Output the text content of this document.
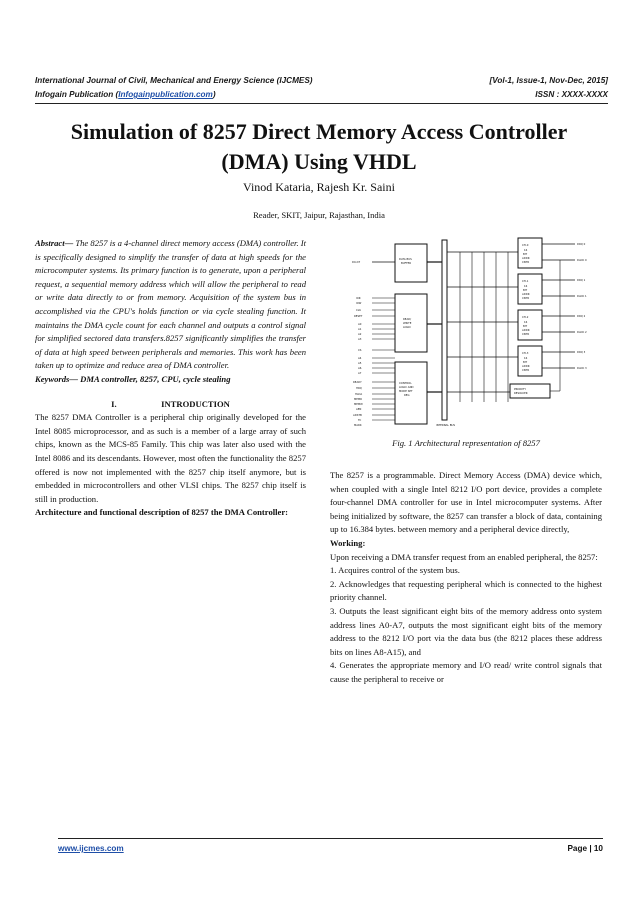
International Journal of Civil, Mechanical and Energy Science (IJCMES)	[Vol-1, Issue-1, Nov-Dec, 2015]
Infogain Publication (Infogainpublication.com)	ISSN : XXXX-XXXX
Simulation of 8257 Direct Memory Access Controller (DMA) Using VHDL
Vinod Kataria, Rajesh Kr. Saini
Reader, SKIT, Jaipur, Rajasthan, India

Abstract— The 8257 is a 4-channel direct memory access (DMA) controller. It is specifically designed to simplify the transfer of data at high speeds for the microcomputer systems. Its primary function is to generate, upon a peripheral request, a sequential memory address which will allow the peripheral to read or write data directly to or from memory. Acquisition of the system bus in accomplished via the CPU's holds function or via cycle stealing function. It maintains the DMA cycle count for each channel and outputs a control signal for simplified sectored data transfers.8257 significantly simplifies the transfer of data at high speed between peripherals and memories. This work has been taken up to optimize and reduce area of DMA controller.

Keywords— DMA controller, 8257, CPU, cycle stealing

I.	INTRODUCTION

The 8257 DMA Controller is a peripheral chip originally developed for the Intel 8085 microprocessor, and as such is a member of a large array of such chips, known as the MCS-85 Family. This chip was later also used with the Intel 8086 and its descendants. However, most often the functionality the 8257 offered is now not implemented with the 8257 chip itself anymore, but is embedded in microcontrollers and other VLSI chips. The 8257 chip itself is still in production.

Architecture and functional description of 8257 the DMA Controller:

DATA BUS
BUFFER
READ/
WRITE
LOGIC
CONTROL
LOGIC AND
MODE SET
REG
INTERNAL BUS
CH-0
16
BIT
ADDR
CNTR
CH-1
16
BIT
ADDR
CNTR
CH-2
16
BIT
ADDR
CNTR
CH-3
16
BIT
ADDR
CNTR
PRIORITY
RESOLVER
DRQ 0
DACK 0
DRQ 1
DACK 1
DRQ 2
DACK 2
DRQ 3
DACK 3
D0-D7
IOR
IOW
CLK
RESET
A0
A1
A2
A3
CS
A4
A5
A6
A7
READY
HRQ
HLDA
MEMR
MEMW
AEN
ADSTB
TC
MARK
Fig. 1 Architectural representation of 8257

The 8257 is a programmable. Direct Memory Access (DMA) device which, when coupled with a single Intel 8212 I/O port device, provides a complete four-channel DMA controller for use in Intel microcomputer systems. After being initialized by software, the 8257 can transfer a block of data, containing up to 16.384 bytes. between memory and a peripheral device directly,

Working:

Upon receiving a DMA transfer request from an enabled peripheral, the 8257:

1. Acquires control of the system bus.

2. Acknowledges that requesting peripheral which is connected to the highest priority channel.

3. Outputs the least significant eight bits of the memory address onto system address lines A0-A7, outputs the most significant eight bits of the memory address to the 8212 I/O port via the data bus (the 8212 places these address bits on lines A8-A15), and

4. Generates the appropriate memory and I/O read/ write control signals that cause the peripheral to receive or

www.ijcmes.com	Page | 10
